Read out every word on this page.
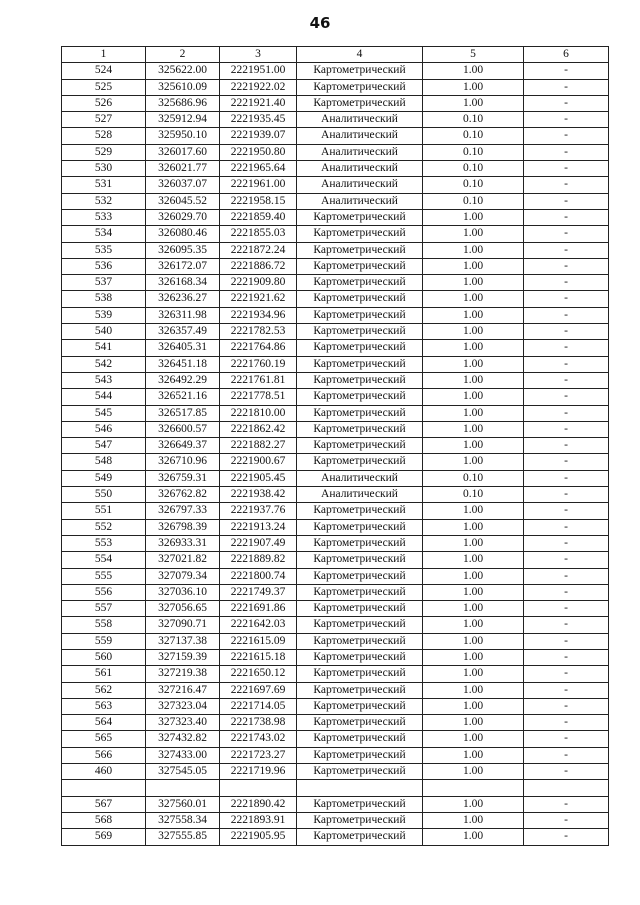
46
1	2	3	4	5	6
524	325622.00	2221951.00	Картометрический	1.00	-
525	325610.09	2221922.02	Картометрический	1.00	-
526	325686.96	2221921.40	Картометрический	1.00	-
527	325912.94	2221935.45	Аналитический	0.10	-
528	325950.10	2221939.07	Аналитический	0.10	-
529	326017.60	2221950.80	Аналитический	0.10	-
530	326021.77	2221965.64	Аналитический	0.10	-
531	326037.07	2221961.00	Аналитический	0.10	-
532	326045.52	2221958.15	Аналитический	0.10	-
533	326029.70	2221859.40	Картометрический	1.00	-
534	326080.46	2221855.03	Картометрический	1.00	-
535	326095.35	2221872.24	Картометрический	1.00	-
536	326172.07	2221886.72	Картометрический	1.00	-
537	326168.34	2221909.80	Картометрический	1.00	-
538	326236.27	2221921.62	Картометрический	1.00	-
539	326311.98	2221934.96	Картометрический	1.00	-
540	326357.49	2221782.53	Картометрический	1.00	-
541	326405.31	2221764.86	Картометрический	1.00	-
542	326451.18	2221760.19	Картометрический	1.00	-
543	326492.29	2221761.81	Картометрический	1.00	-
544	326521.16	2221778.51	Картометрический	1.00	-
545	326517.85	2221810.00	Картометрический	1.00	-
546	326600.57	2221862.42	Картометрический	1.00	-
547	326649.37	2221882.27	Картометрический	1.00	-
548	326710.96	2221900.67	Картометрический	1.00	-
549	326759.31	2221905.45	Аналитический	0.10	-
550	326762.82	2221938.42	Аналитический	0.10	-
551	326797.33	2221937.76	Картометрический	1.00	-
552	326798.39	2221913.24	Картометрический	1.00	-
553	326933.31	2221907.49	Картометрический	1.00	-
554	327021.82	2221889.82	Картометрический	1.00	-
555	327079.34	2221800.74	Картометрический	1.00	-
556	327036.10	2221749.37	Картометрический	1.00	-
557	327056.65	2221691.86	Картометрический	1.00	-
558	327090.71	2221642.03	Картометрический	1.00	-
559	327137.38	2221615.09	Картометрический	1.00	-
560	327159.39	2221615.18	Картометрический	1.00	-
561	327219.38	2221650.12	Картометрический	1.00	-
562	327216.47	2221697.69	Картометрический	1.00	-
563	327323.04	2221714.05	Картометрический	1.00	-
564	327323.40	2221738.98	Картометрический	1.00	-
565	327432.82	2221743.02	Картометрический	1.00	-
566	327433.00	2221723.27	Картометрический	1.00	-
460	327545.05	2221719.96	Картометрический	1.00	-

567	327560.01	2221890.42	Картометрический	1.00	-
568	327558.34	2221893.91	Картометрический	1.00	-
569	327555.85	2221905.95	Картометрический	1.00	-
